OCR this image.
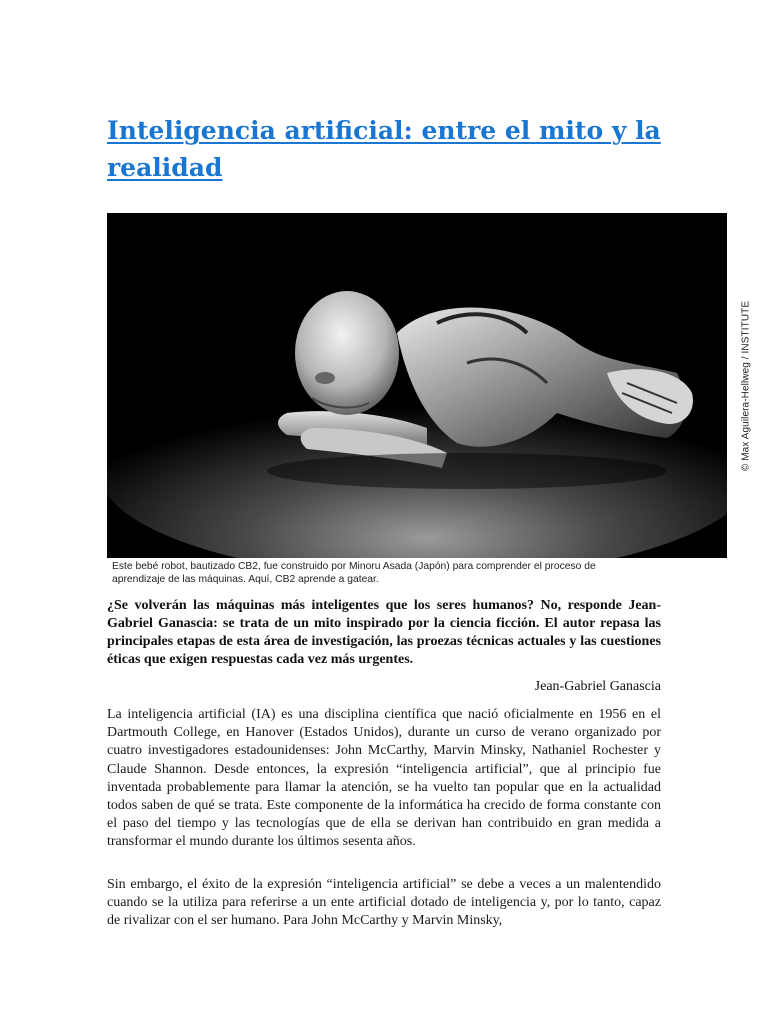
Inteligencia artificial: entre el mito y la realidad
© Max Aguilera-Hellweg / INSTITUTE

Este bebé robot, bautizado CB2, fue construido por Minoru Asada (Japón) para comprender el proceso de aprendizaje de las máquinas. Aquí, CB2 aprende a gatear.

¿Se volverán las máquinas más inteligentes que los seres humanos? No, responde Jean-Gabriel Ganascia: se trata de un mito inspirado por la ciencia ficción. El autor repasa las principales etapas de esta área de investigación, las proezas técnicas actuales y las cuestiones éticas que exigen respuestas cada vez más urgentes.

Jean-Gabriel Ganascia

La inteligencia artificial (IA) es una disciplina científica que nació oficialmente en 1956 en el Dartmouth College, en Hanover (Estados Unidos), durante un curso de verano organizado por cuatro investigadores estadounidenses: John McCarthy, Marvin Minsky, Nathaniel Rochester y Claude Shannon. Desde entonces, la expresión “inteligencia artificial”, que al principio fue inventada probablemente para llamar la atención, se ha vuelto tan popular que en la actualidad todos saben de qué se trata. Este componente de la informática ha crecido de forma constante con el paso del tiempo y las tecnologías que de ella se derivan han contribuido en gran medida a transformar el mundo durante los últimos sesenta años.

Sin embargo, el éxito de la expresión “inteligencia artificial” se debe a veces a un malentendido cuando se la utiliza para referirse a un ente artificial dotado de inteligencia y, por lo tanto, capaz de rivalizar con el ser humano. Para John McCarthy y Marvin Minsky,
